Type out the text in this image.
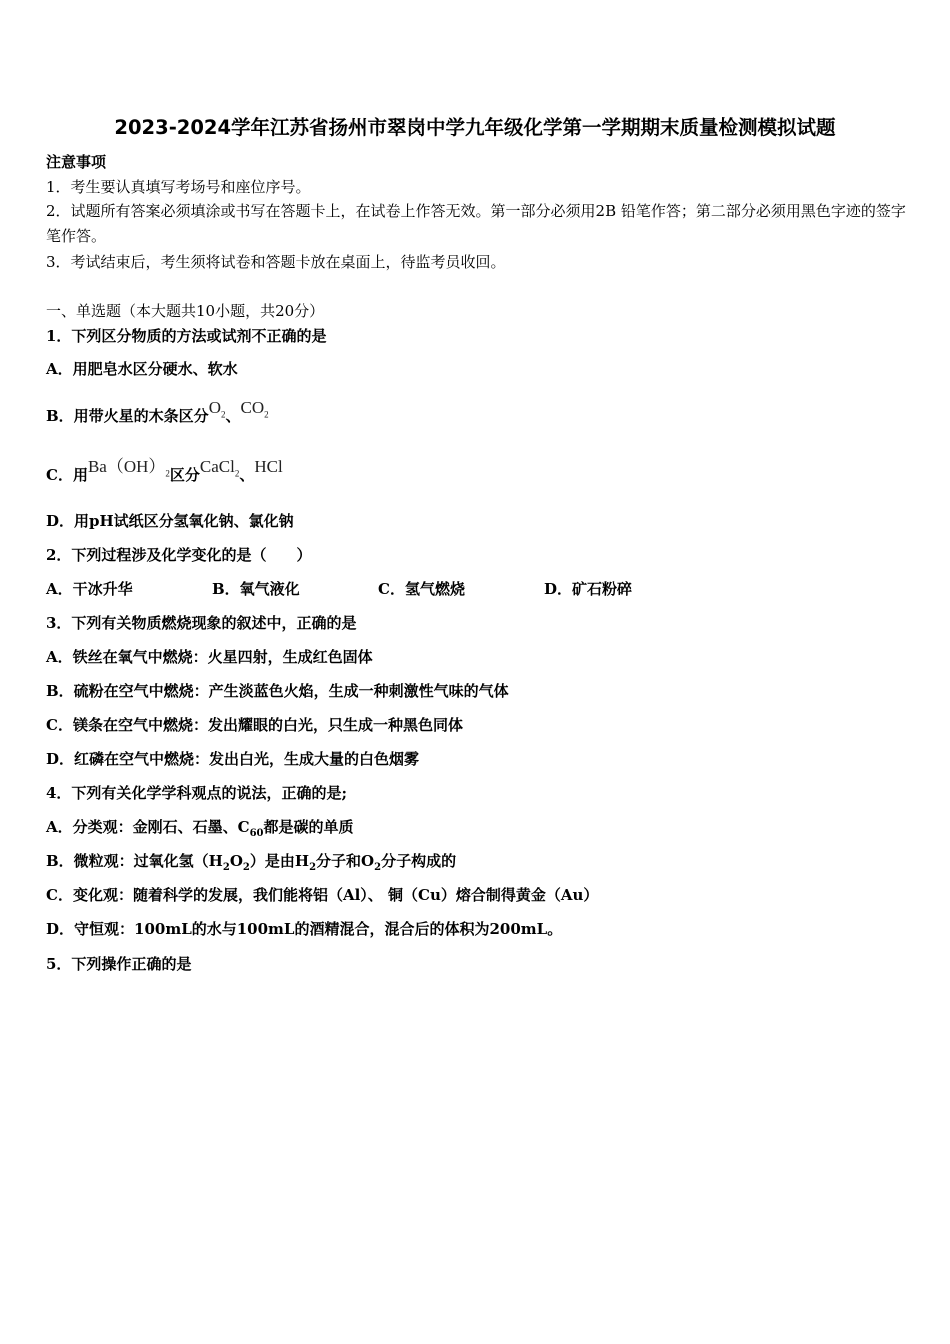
2023-2024学年江苏省扬州市翠岗中学九年级化学第一学期期末质量检测模拟试题
注意事项
1．考生要认真填写考场号和座位序号。
2．试题所有答案必须填涂或书写在答题卡上，在试卷上作答无效。第一部分必须用2B 铅笔作答；第二部分必须用黑色字迹的签字笔作答。
3．考试结束后，考生须将试卷和答题卡放在桌面上，待监考员收回。
一、单选题（本大题共10小题，共20分）
1．下列区分物质的方法或试剂不正确的是
A．用肥皂水区分硬水、软水
B．用带火星的木条区分$O_2$、$CO_2$
C．用$Ba(OH)_2$区分CaCl$_2$、HCl
D．用pH试纸区分氢氧化钠、氯化钠
2．下列过程涉及化学变化的是（　　）
A．干冰升华	B．氧气液化	C．氢气燃烧	D．矿石粉碎
3．下列有关物质燃烧现象的叙述中，正确的是
A．铁丝在氧气中燃烧：火星四射，生成红色固体
B．硫粉在空气中燃烧：产生淡蓝色火焰，生成一种刺激性气味的气体
C．镁条在空气中燃烧：发出耀眼的白光，只生成一种黑色同体
D．红磷在空气中燃烧：发出白光，生成大量的白色烟雾
4．下列有关化学学科观点的说法，正确的是;
A．分类观：金刚石、石墨、$C_{60}$都是碳的单质
B．微粒观：过氧化氢$(H_2O_2)$是由$H_2$分子和$O_2$分子构成的
C．变化观：随着科学的发展，我们能将铝（Al）、 铜（Cu）熔合制得黄金（Au）
D．守恒观：100mL的水与100mL的酒精混合，混合后的体积为200mL。
5．下列操作正确的是
